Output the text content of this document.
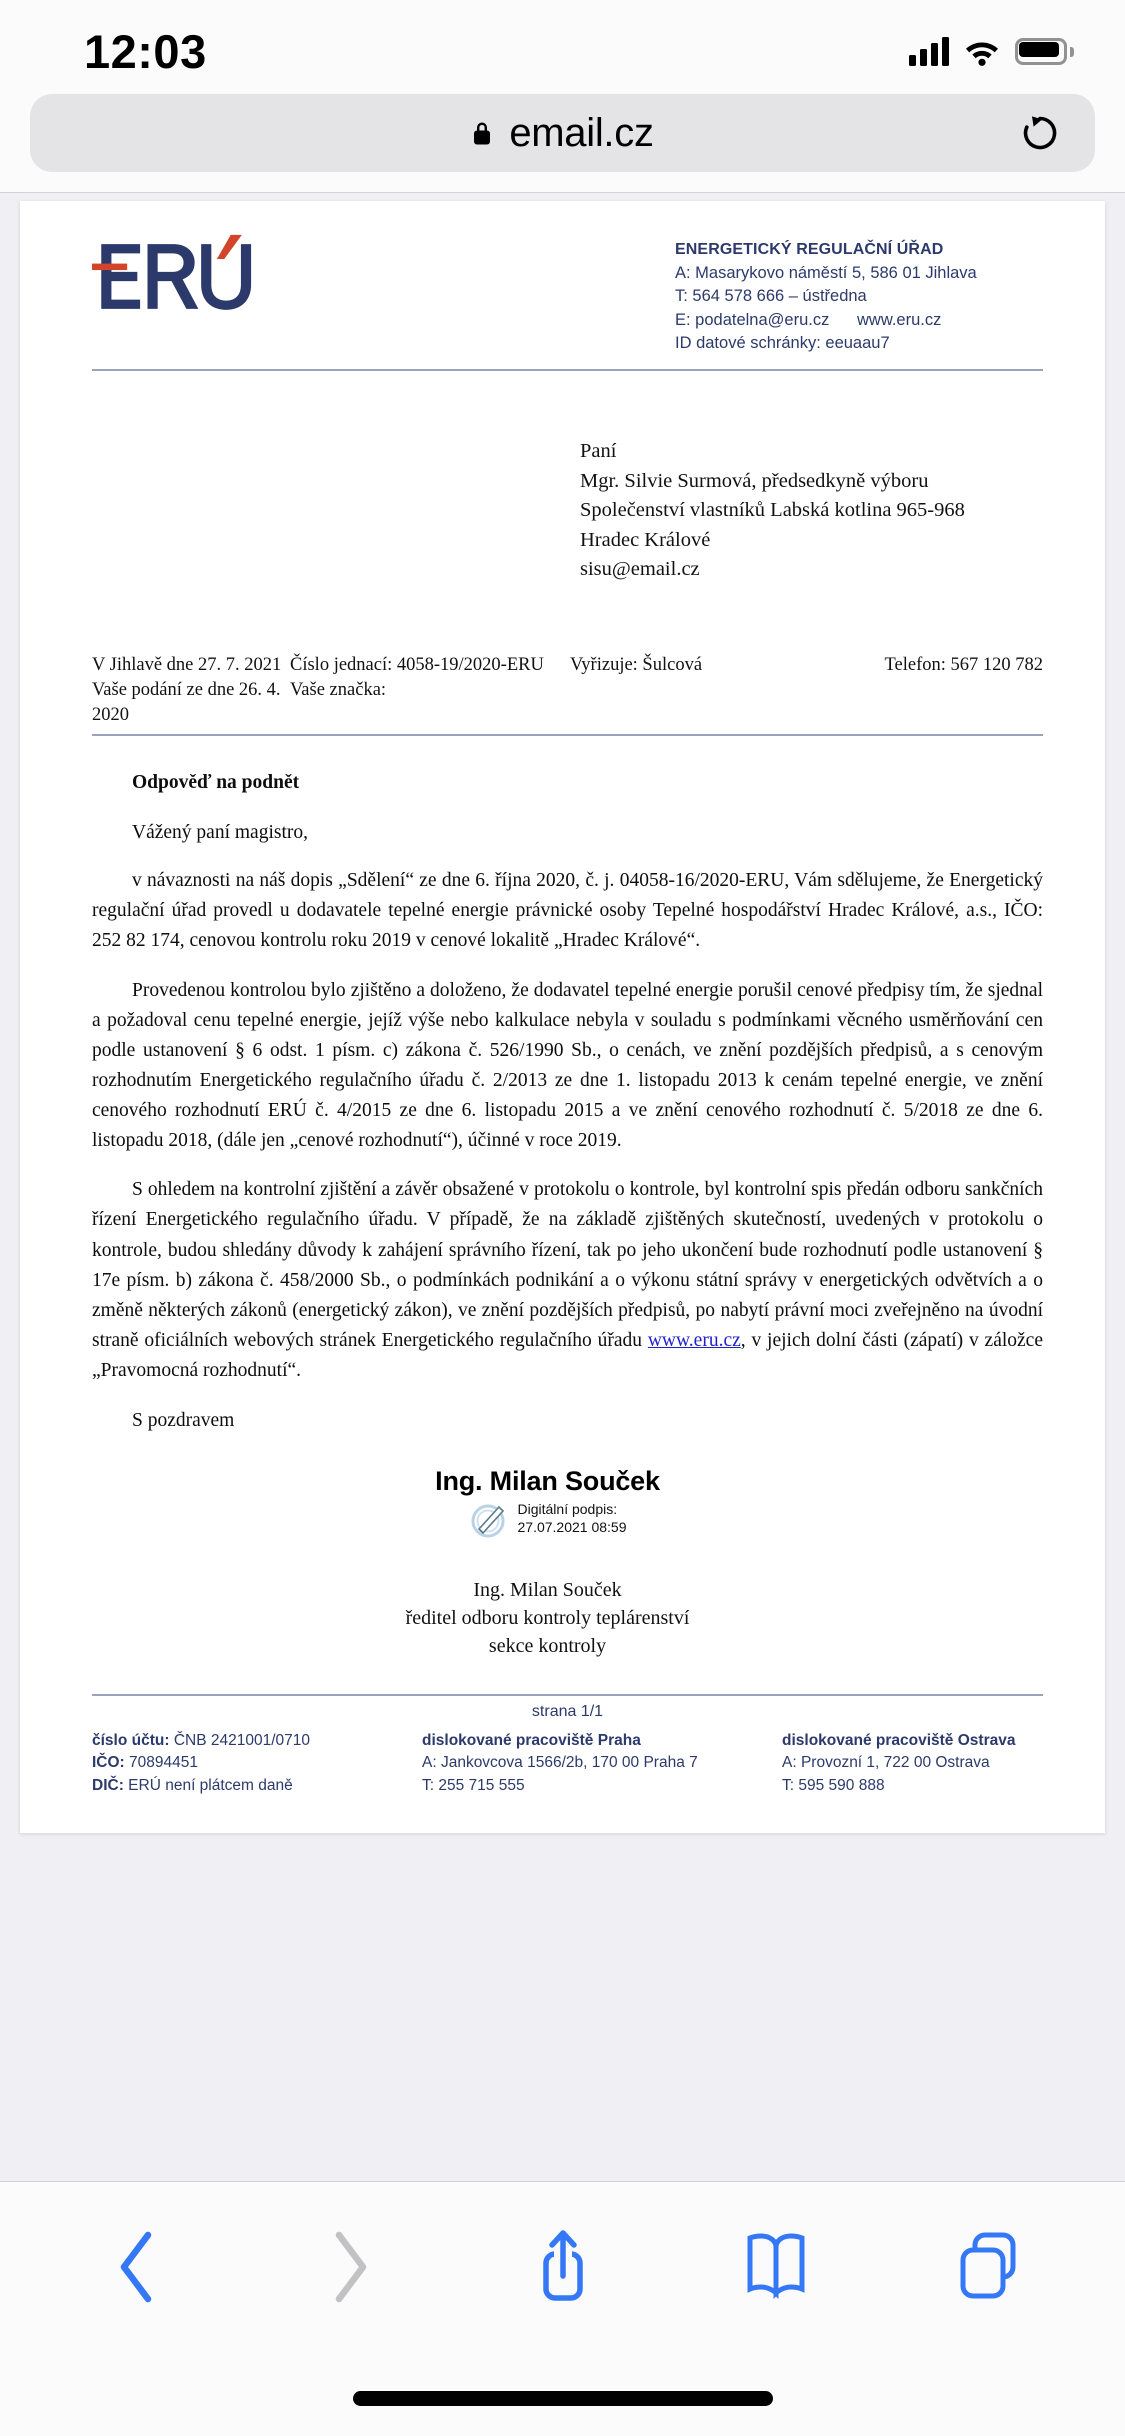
12:03
email.cz
ENERGETICKÝ REGULAČNÍ ÚŘAD
A: Masarykovo náměstí 5, 586 01 Jihlava
T: 564 578 666 – ústředna
E: podatelna@eru.cz	www.eru.cz
ID datové schránky: eeuaau7
Paní
Mgr. Silvie Surmová, předsedkyně výboru
Společenství vlastníků Labská kotlina 965-968
Hradec Králové
sisu@email.cz
V Jihlavě dne 27. 7. 2021 Číslo jednací: 4058-19/2020-ERU	Vyřizuje: Šulcová	Telefon: 567 120 782
Vaše podání ze dne 26. 4. 2020
Vaše značka:
Odpověď na podnět
Vážený paní magistro,

v návaznosti na náš dopis „Sdělení“ ze dne 6. října 2020, č. j. 04058-16/2020-ERU, Vám sdělujeme, že Energetický regulační úřad provedl u dodavatele tepelné energie právnické osoby Tepelné hospodářství Hradec Králové, a.s., IČO: 252 82 174, cenovou kontrolu roku 2019 v cenové lokalitě „Hradec Králové“.

Provedenou kontrolou bylo zjištěno a doloženo, že dodavatel tepelné energie porušil cenové předpisy tím, že sjednal a požadoval cenu tepelné energie, jejíž výše nebo kalkulace nebyla v souladu s podmínkami věcného usměrňování cen podle ustanovení § 6 odst. 1 písm. c) zákona č. 526/1990 Sb., o cenách, ve znění pozdějších předpisů, a s cenovým rozhodnutím Energetického regulačního úřadu č. 2/2013 ze dne 1. listopadu 2013 k cenám tepelné energie, ve znění cenového rozhodnutí ERÚ č. 4/2015 ze dne 6. listopadu 2015 a ve znění cenového rozhodnutí č. 5/2018 ze dne 6. listopadu 2018, (dále jen „cenové rozhodnutí“), účinné v roce 2019.

S ohledem na kontrolní zjištění a závěr obsažené v protokolu o kontrole, byl kontrolní spis předán odboru sankčních řízení Energetického regulačního úřadu. V případě, že na základě zjištěných skutečností, uvedených v protokolu o kontrole, budou shledány důvody k zahájení správního řízení, tak po jeho ukončení bude rozhodnutí podle ustanovení § 17e písm. b) zákona č. 458/2000 Sb., o podmínkách podnikání a o výkonu státní správy v energetických odvětvích a o změně některých zákonů (energetický zákon), ve znění pozdějších předpisů, po nabytí právní moci zveřejněno na úvodní straně oficiálních webových stránek Energetického regulačního úřadu www.eru.cz, v jejich dolní části (zápatí) v záložce „Pravomocná rozhodnutí“.

S pozdravem
Ing. Milan Souček
Digitální podpis:
27.07.2021 08:59
Ing. Milan Souček
ředitel odboru kontroly teplárenství
sekce kontroly
strana 1/1
číslo účtu: ČNB 2421001/0710
IČO: 70894451
DIČ: ERÚ není plátcem daně
dislokované pracoviště Praha
A: Jankovcova 1566/2b, 170 00 Praha 7
T: 255 715 555
dislokované pracoviště Ostrava
A: Provozní 1, 722 00 Ostrava
T: 595 590 888
